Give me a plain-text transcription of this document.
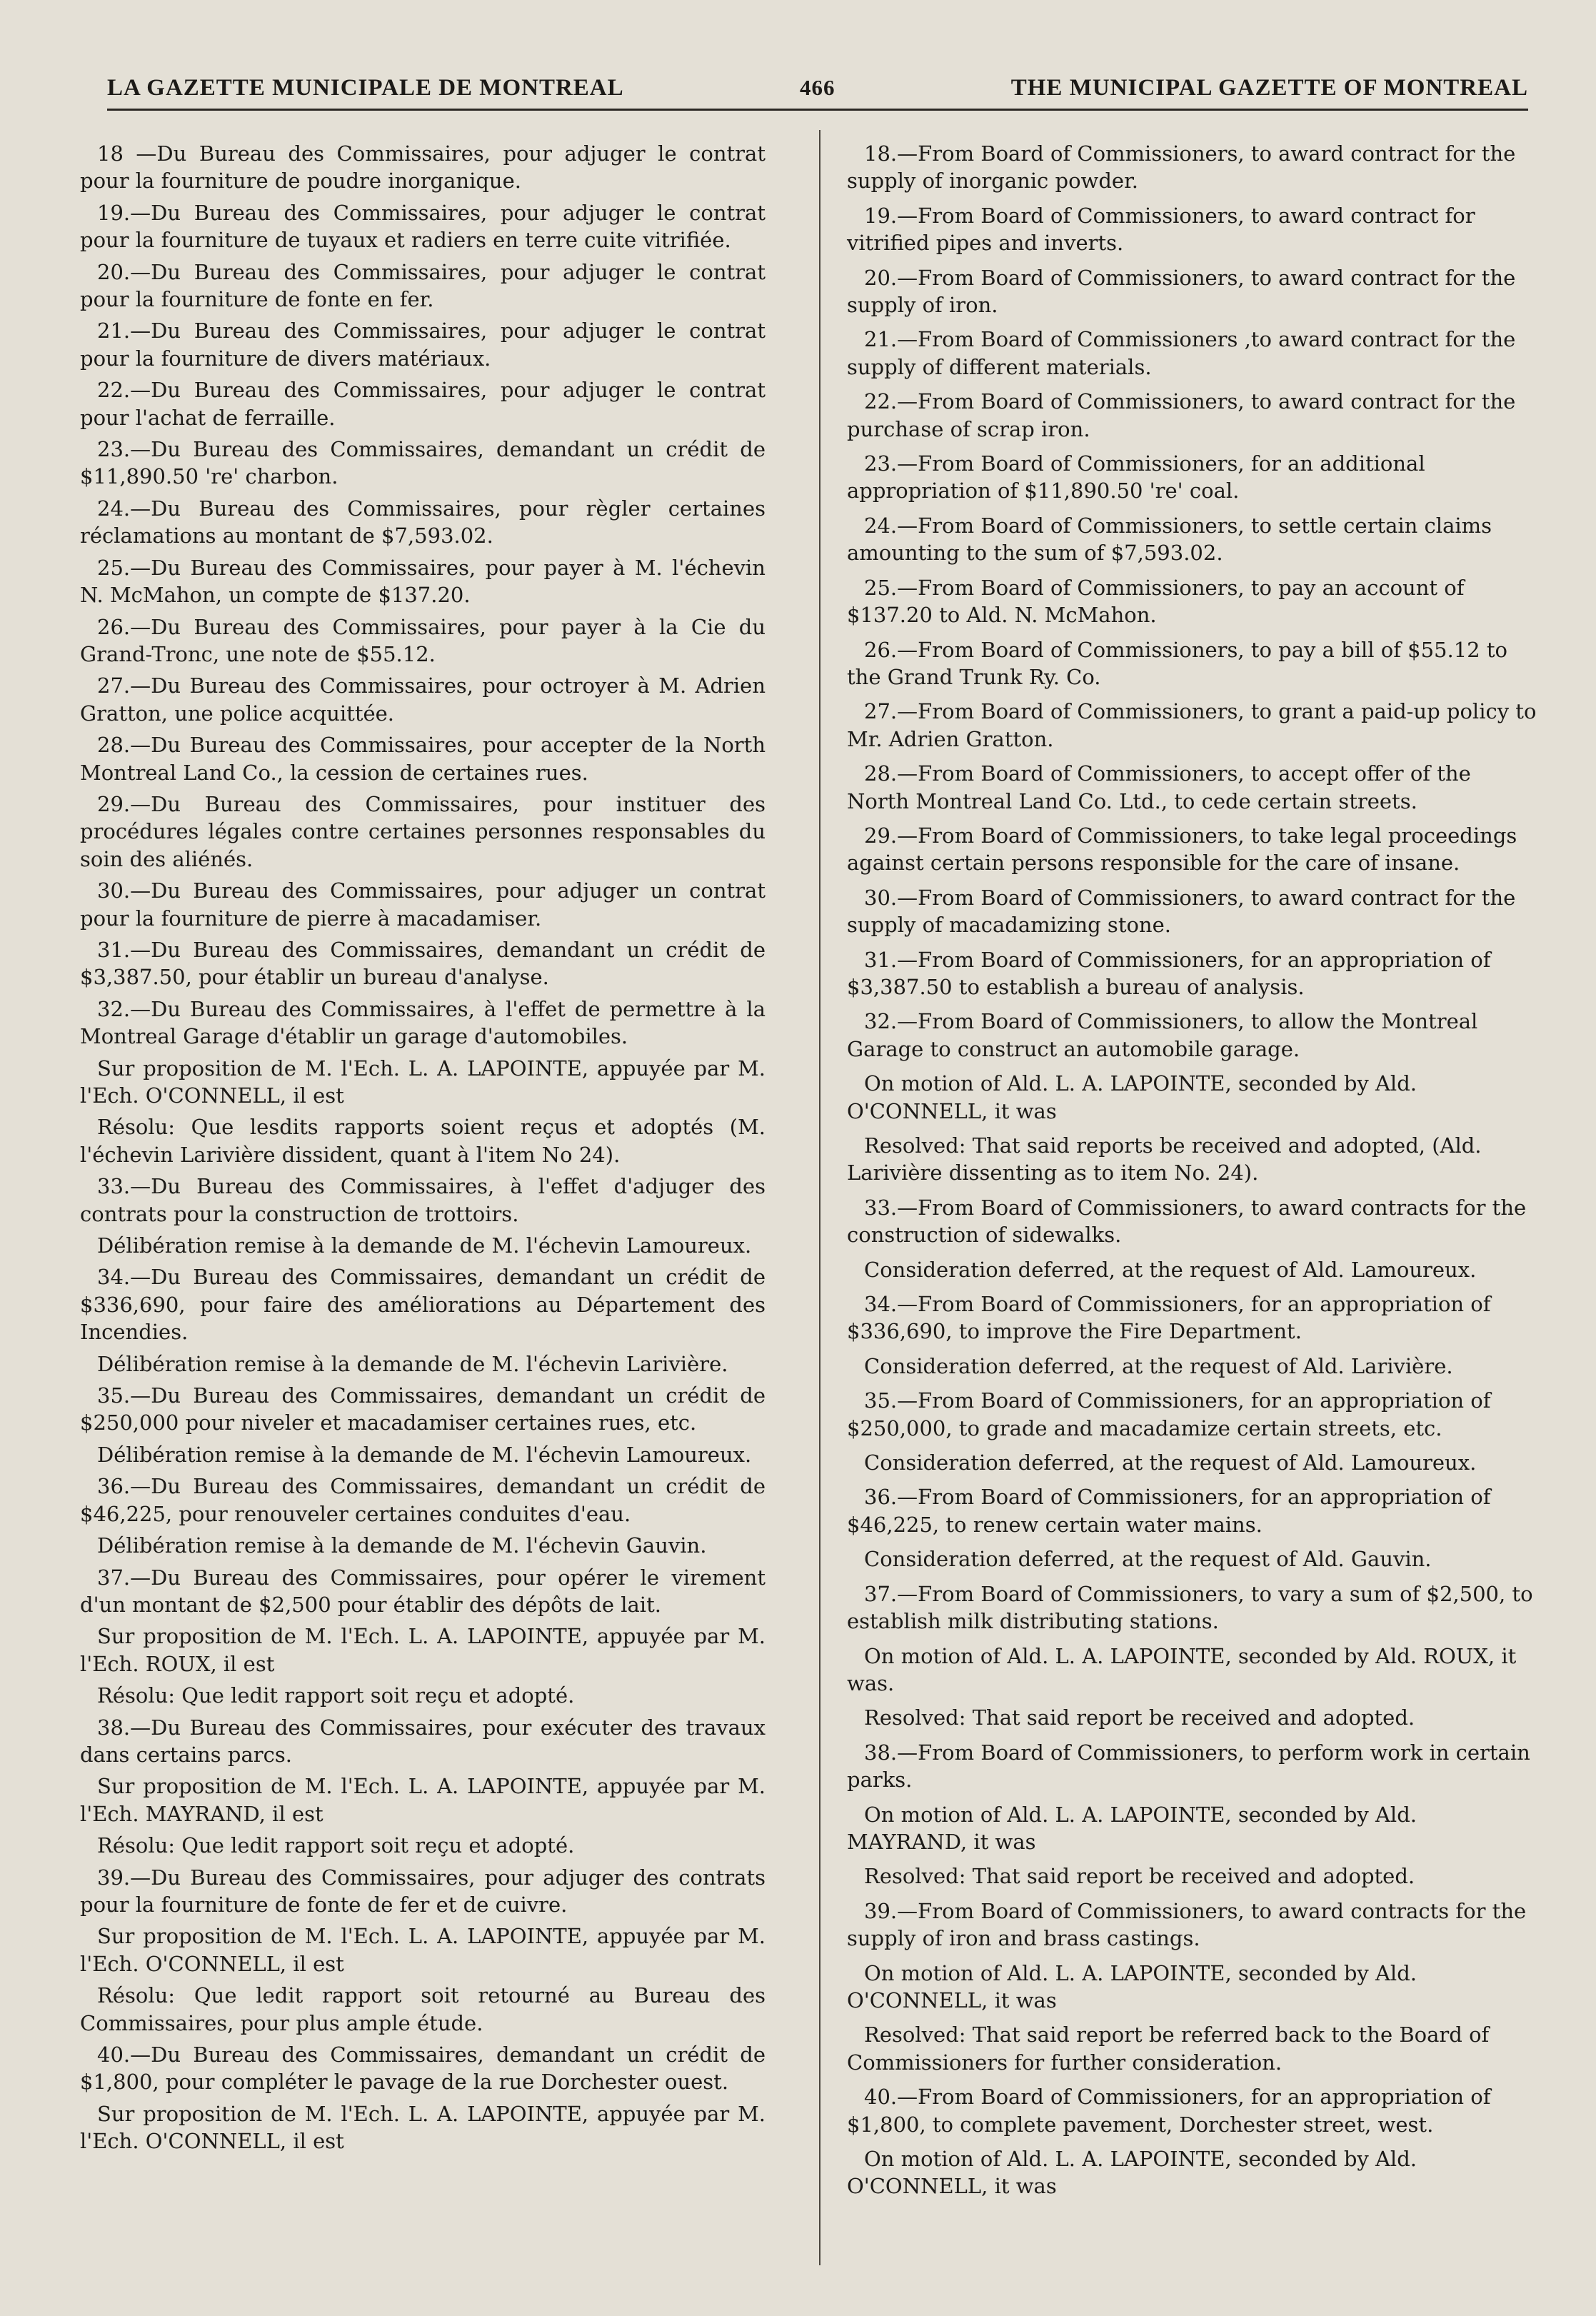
LA GAZETTE MUNICIPALE DE MONTREAL	466	THE MUNICIPAL GAZETTE OF MONTREAL

18 —Du Bureau des Commissaires, pour adjuger le contrat pour la fourniture de poudre inorganique.

19.—Du Bureau des Commissaires, pour adjuger le contrat pour la fourniture de tuyaux et radiers en terre cuite vitrifiée.

20.—Du Bureau des Commissaires, pour adjuger le contrat pour la fourniture de fonte en fer.

21.—Du Bureau des Commissaires, pour adjuger le contrat pour la fourniture de divers matériaux.

22.—Du Bureau des Commissaires, pour adjuger le contrat pour l'achat de ferraille.

23.—Du Bureau des Commissaires, demandant un crédit de $11,890.50 're' charbon.

24.—Du Bureau des Commissaires, pour règler certaines réclamations au montant de $7,593.02.

25.—Du Bureau des Commissaires, pour payer à M. l'échevin N. McMahon, un compte de $137.20.

26.—Du Bureau des Commissaires, pour payer à la Cie du Grand-Tronc, une note de $55.12.

27.—Du Bureau des Commissaires, pour octroyer à M. Adrien Gratton, une police acquittée.

28.—Du Bureau des Commissaires, pour accepter de la North Montreal Land Co., la cession de certaines rues.

29.—Du Bureau des Commissaires, pour instituer des procédures légales contre certaines personnes responsables du soin des aliénés.

30.—Du Bureau des Commissaires, pour adjuger un contrat pour la fourniture de pierre à macadamiser.

31.—Du Bureau des Commissaires, demandant un crédit de $3,387.50, pour établir un bureau d'analyse.

32.—Du Bureau des Commissaires, à l'effet de permettre à la Montreal Garage d'établir un garage d'automobiles.

Sur proposition de M. l'Ech. L. A. LAPOINTE, appuyée par M. l'Ech. O'CONNELL, il est

Résolu: Que lesdits rapports soient reçus et adoptés (M. l'échevin Larivière dissident, quant à l'item No 24).

33.—Du Bureau des Commissaires, à l'effet d'adjuger des contrats pour la construction de trottoirs.

Délibération remise à la demande de M. l'échevin Lamoureux.

34.—Du Bureau des Commissaires, demandant un crédit de $336,690, pour faire des améliorations au Département des Incendies.

Délibération remise à la demande de M. l'échevin Larivière.

35.—Du Bureau des Commissaires, demandant un crédit de $250,000 pour niveler et macadamiser certaines rues, etc.

Délibération remise à la demande de M. l'échevin Lamoureux.

36.—Du Bureau des Commissaires, demandant un crédit de $46,225, pour renouveler certaines conduites d'eau.

Délibération remise à la demande de M. l'échevin Gauvin.

37.—Du Bureau des Commissaires, pour opérer le virement d'un montant de $2,500 pour établir des dépôts de lait.

Sur proposition de M. l'Ech. L. A. LAPOINTE, appuyée par M. l'Ech. ROUX, il est

Résolu: Que ledit rapport soit reçu et adopté.

38.—Du Bureau des Commissaires, pour exécuter des travaux dans certains parcs.

Sur proposition de M. l'Ech. L. A. LAPOINTE, appuyée par M. l'Ech. MAYRAND, il est

Résolu: Que ledit rapport soit reçu et adopté.

39.—Du Bureau des Commissaires, pour adjuger des contrats pour la fourniture de fonte de fer et de cuivre.

Sur proposition de M. l'Ech. L. A. LAPOINTE, appuyée par M. l'Ech. O'CONNELL, il est

Résolu: Que ledit rapport soit retourné au Bureau des Commissaires, pour plus ample étude.

40.—Du Bureau des Commissaires, demandant un crédit de $1,800, pour compléter le pavage de la rue Dorchester ouest.

Sur proposition de M. l'Ech. L. A. LAPOINTE, appuyée par M. l'Ech. O'CONNELL, il est

18.—From Board of Commissioners, to award contract for the supply of inorganic powder.

19.—From Board of Commissioners, to award contract for vitrified pipes and inverts.

20.—From Board of Commissioners, to award contract for the supply of iron.

21.—From Board of Commissioners ,to award contract for the supply of different materials.

22.—From Board of Commissioners, to award contract for the purchase of scrap iron.

23.—From Board of Commissioners, for an additional appropriation of $11,890.50 're' coal.

24.—From Board of Commissioners, to settle certain claims amounting to the sum of $7,593.02.

25.—From Board of Commissioners, to pay an account of $137.20 to Ald. N. McMahon.

26.—From Board of Commissioners, to pay a bill of $55.12 to the Grand Trunk Ry. Co.

27.—From Board of Commissioners, to grant a paid-up policy to Mr. Adrien Gratton.

28.—From Board of Commissioners, to accept offer of the North Montreal Land Co. Ltd., to cede certain streets.

29.—From Board of Commissioners, to take legal proceedings against certain persons responsible for the care of insane.

30.—From Board of Commissioners, to award contract for the supply of macadamizing stone.

31.—From Board of Commissioners, for an appropriation of $3,387.50 to establish a bureau of analysis.

32.—From Board of Commissioners, to allow the Montreal Garage to construct an automobile garage.

On motion of Ald. L. A. LAPOINTE, seconded by Ald. O'CONNELL, it was

Resolved: That said reports be received and adopted, (Ald. Larivière dissenting as to item No. 24).

33.—From Board of Commissioners, to award contracts for the construction of sidewalks.

Consideration deferred, at the request of Ald. Lamoureux.

34.—From Board of Commissioners, for an appropriation of $336,690, to improve the Fire Department.

Consideration deferred, at the request of Ald. Larivière.

35.—From Board of Commissioners, for an appropriation of $250,000, to grade and macadamize certain streets, etc.

Consideration deferred, at the request of Ald. Lamoureux.

36.—From Board of Commissioners, for an appropriation of $46,225, to renew certain water mains.

Consideration deferred, at the request of Ald. Gauvin.

37.—From Board of Commissioners, to vary a sum of $2,500, to establish milk distributing stations.

On motion of Ald. L. A. LAPOINTE, seconded by Ald. ROUX, it was.

Resolved: That said report be received and adopted.

38.—From Board of Commissioners, to perform work in certain parks.

On motion of Ald. L. A. LAPOINTE, seconded by Ald. MAYRAND, it was

Resolved: That said report be received and adopted.

39.—From Board of Commissioners, to award contracts for the supply of iron and brass castings.

On motion of Ald. L. A. LAPOINTE, seconded by Ald. O'CONNELL, it was

Resolved: That said report be referred back to the Board of Commissioners for further consideration.

40.—From Board of Commissioners, for an appropriation of $1,800, to complete pavement, Dorchester street, west.

On motion of Ald. L. A. LAPOINTE, seconded by Ald. O'CONNELL, it was
